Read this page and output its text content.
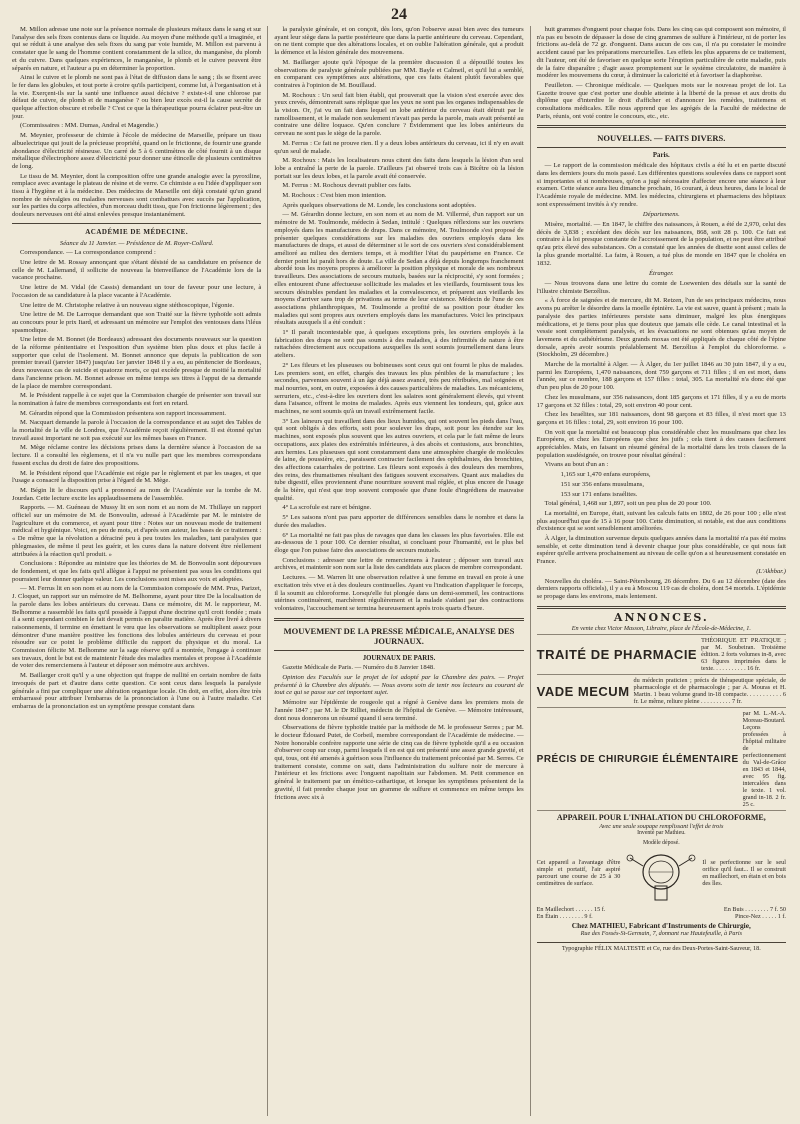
24

M. Millon adresse une note sur la présence normale de plusieurs métaux dans le sang et sur l'analyse des sels fixes contenus dans ce liquide. Au moyen d'une méthode qu'il a imaginée, et qui se réduit à une analyse des sels fixes du sang par voie humide, M. Millon est parvenu à constater que le sang de l'homme contient constamment de la silice, du manganèse, du plomb et du cuivre. Dans quelques expériences, le manganèse, le plomb et le cuivre peuvent être séparés en nature, et l'auteur a pu en déterminer la proportion.

Ainsi le cuivre et le plomb ne sont pas à l'état de diffusion dans le sang ; ils se fixent avec le fer dans les globules, et tout porte à croire qu'ils participent, comme lui, à l'organisation et à la vie. Exerçent-ils sur la santé une influence aussi décisive ? existe-t-il une chlorose par défaut de cuivre, de plomb et de manganèse ? ou bien leur excès est-il la cause secrète de quelque affection obscure et rebelle ? C'est ce que la thérapeutique pourra éclairer peut-être un jour.

(Commissaires : MM. Dumas, Andral et Magendie.)

M. Meynier, professeur de chimie à l'école de médecine de Marseille, prépare un tissu albuelectrique qui jouit de la précieuse propriété, quand on le frictionne, de fournir une grande abondance d'électricité résineuse. Un carré de 5 à 6 centimètres de côté fournit à un disque métallique d'électrophore assez d'électricité pour donner une étincelle de plusieurs centimètres de long.

Le tissu de M. Meynier, dont la composition offre une grande analogie avec la pyroxiline, remplace avec avantage le plateau de résine et de verre. Ce chimiste a eu l'idée d'appliquer son tissu à l'hygiène et à la médecine. Des médecins de Marseille ont déjà constaté qu'un grand nombre de névralgies ou maladies nerveuses sont combattues avec succès par l'application, sur les parties du corps affectées, d'un morceau dudit tissu, que l'on frictionne légèrement ; des douleurs nerveuses ont été ainsi enlevées presque instantanément.

ACADÉMIE DE MÉDECINE.
Séance du 11 Janvier. — Présidence de M. Royer-Collard.

Correspondance. — La correspondance comprend :

Une lettre de M. Rossay annonçant que s'étant désisté de sa candidature en présence de celle de M. Lallemand, il sollicite de nouveau la bienveillance de l'Académie lors de la vacance prochaine.

Une lettre de M. Vidal (de Cassis) demandant un tour de faveur pour une lecture, à l'occasion de sa candidature à la place vacante à l'Académie.

Une lettre de M. Christophe relative à un nouveau signe stéthoscopique, l'égonie.

Une lettre de M. De Larroque demandant que son Traité sur la fièvre typhoïde soit admis au concours pour le prix Itard, et adressant un mémoire sur l'emploi des ventouses dans l'iléus spasmodique.

Une lettre de M. Bonnet (de Bordeaux) adressant des documents nouveaux sur la question de la réforme pénitentiaire et l'exposition d'un système bien plus doux et plus facile à supporter que celui de l'isolement. M. Bonnet annonce que depuis la publication de son premier travail (janvier 1847) jusqu'au 1er janvier 1848 il y a eu, au pénitencier de Bordeaux, deux nouveaux cas de suicide et quatorze morts, ce qui excède presque de moitié la mortalité dans l'ancienne prison. M. Bonnet adresse en même temps ses titres à l'appui de sa demande de la place de membre correspondant.

M. le Président rappelle à ce sujet que la Commission chargée de présenter son travail sur la nomination à faire de membres correspondants est fort en retard.

M. Gérardin répond que la Commission présentera son rapport incessamment.

M. Nacquart demande la parole à l'occasion de la correspondance et au sujet des Tables de la mortalité de la ville de Londres, que l'Académie reçoit régulièrement. Il est étonné qu'un travail aussi important ne soit pas exécuté sur les mêmes bases en France.

M. Mège réclame contre les décisions prises dans la dernière séance à l'occasion de sa lecture. Il a consulté les règlemens, et il n'a vu nulle part que les membres correspondans fussent exclus du droit de faire des propositions.

M. le Président répond que l'Académie est régie par le règlement et par les usages, et que l'usage a consacré la disposition prise à l'égard de M. Mège.

M. Bégin lit le discours qu'il a prononcé au nom de l'Académie sur la tombe de M. Jourdan. Cette lecture excite les applaudissemens de l'assemblée.

Rapports. — M. Guéneau de Mussy lit en son nom et au nom de M. Thillaye un rapport officiel sur un mémoire de M. de Bonvoulin, adressé à l'Académie par M. le ministre de l'agriculture et du commerce, et ayant pour titre : Notes sur un nouveau mode de traitement médical et hygiénique. Voici, en peu de mots, et d'après son auteur, les bases de ce traitement : « De même que la révolution a déraciné peu à peu toutes les maladies, tant paralysies que phlegmasies, de même il peut les guérir, et les cures dans la nature doivent être réellement attribuées à la réaction qu'il produit. »

Conclusions : Répondre au ministre que les théories de M. de Bonvoulin sont dépourvues de fondement, et que les faits qu'il allègue à l'appui ne présentent pas sous les conditions qui pourraient leur donner quelque valeur. Les conclusions sont mises aux voix et adoptées.

— M. Ferrus lit en son nom et au nom de la Commission composée de MM. Prus, Parizet, J. Cloquet, un rapport sur un mémoire de M. Belhomme, ayant pour titre De la localisation de la parole dans les lobes antérieurs du cerveau. Dans ce mémoire, dit M. le rapporteur, M. Belhomme a rassemblé les faits qu'il possède à l'appui d'une doctrine qu'il croit fondée ; mais il a senti cependant combien le fait devait permis en paralite matière. Après être livré à divers raisonnements, il termine en émettant le vœu que les observations se multiplient assez pour démontrer d'une manière positive les fonctions des lobules antérieurs du cerveau et pour résoudre sur ce point le problème difficile du rapport du physique et du moral. La Commission félicite M. Belhomme sur la sage réserve qu'il a montrée, l'engage à continuer ses travaux, dont le but est de maintenir l'étude des maladies mentales et propose à l'Académie de voter des remerciemens à l'auteur et déposer son mémoire aux archives.

M. Baillarger croit qu'il y a une objection qui frappe de nullité en certain nombre de faits invoqués de part et d'autre dans cette question. Ce sont ceux dans lesquels la paralysie générale a fini par compliquer une altération organique locale. On doit, en effet, alors être très embarrassé pour attribuer l'embarras de la prononciation à l'une ou à l'autre maladie. Cet embarras de la prononciation est un symptôme presque constant dans

la paralysie générale, et on conçoit, dès lors, qu'on l'observe aussi bien avec des tumeurs ayant leur siège dans la partie postérieure que dans la partie antérieure du cerveau. Cependant, on ne tient compte que des altérations locales, et on oublie l'altération générale, qui a produit la démence et la lésion générale des mouvemens.

M. Baillarger ajoute qu'à l'époque de la première discussion il a dépouillé toutes les observations de paralysie générale publiées par MM. Bayle et Calmeil, et qu'il lui a semblé, en comparant ces symptômes aux altérations, que ces faits étaient plutôt favorables que contraires à l'opinion de M. Bouillaud.

M. Rochoux : Un seul fait bien établi, qui prouverait que la vision s'est exercée avec des yeux crevés, démontrerait sans réplique que les yeux ne sont pas les organes indispensables de la vision. Or, j'ai vu un fait dans lequel un lobe antérieur du cerveau était détruit par le ramollissement, et le malade non seulement n'avait pas perdu la parole, mais avait présenté au contraire une délire loquace. Qu'en conclure ? Évidemment que les lobes antérieurs du cerveau ne sont pas le siège de la parole.

M. Ferrus : Ce fait ne prouve rien. Il y a deux lobes antérieurs du cerveau, ici il n'y en avait qu'un seul de malade.

M. Rochoux : Mais les localisateurs nous citent des faits dans lesquels la lésion d'un seul lobe a entraîné la perte de la parole. D'ailleurs j'ai observé trois cas à Bicêtre où la lésion portait sur les deux lobes, et la parole avait été conservée.

M. Ferrus : M. Rochoux devrait publier ces faits.

M. Rochoux : C'est bien mon intention.

Après quelques observations de M. Londe, les conclusions sont adoptées.

— M. Gérardin donne lecture, en son nom et au nom de M. Villermé, d'un rapport sur un mémoire de M. Toulmonde, médecin à Sedan, intitulé : Quelques réflexions sur les ouvriers employés dans les manufactures de draps. Dans ce mémoire, M. Toulmonde s'est proposé de présenter quelques considérations sur les maladies des ouvriers employés dans les manufactures de draps, et aussi de déterminer si le sort de ces ouvriers s'est considérablement amélioré au milieu des derniers temps, et à modifier l'état du paupérisme en France. Ce dernier point lui paraît hors de doute. La ville de Sedan a déjà depuis longtemps franchement abordé tous les moyens propres à améliorer la position physique et morale de ses nombreux travailleurs. Des associations de secours mutuels, basées sur la réciprocité, s'y sont formées ; elles entourent d'une affectueuse sollicitude les malades et les vieillards, fournissent tous les secours désirables pendant les maladies et la convalescence, et préparent aux vieillards les moyens d'arriver sans trop de privations au terme de leur existence. Médecin de l'une de ces associations philanthropiques, M. Toulmonde a profité de sa position pour étudier les maladies qui sont propres aux ouvriers employés dans les manufactures. Voici les principaux résultats auxquels il a été conduit :

1° Il paraît incontestable que, à quelques exceptions près, les ouvriers employés à la fabrication des draps ne sont pas soumis à des maladies, à des infirmités de nature à être rattachées directement aux occupations auxquelles ils sont soumis journellement dans leurs ateliers.

2° Les fileurs et les pluseuses ou bobineuses sont ceux qui ont fourni le plus de malades. Les premiers sont, en effet, chargés des travaux les plus pénibles de la manufacture ; les secondes, parvenues souvent à un âge déjà assez avancé, très peu rétribuées, mal soignées et mal nourries, sont, en outre, exposées à des causes particulières de maladies. Les mécaniciens, serruriers, etc., c'est-à-dire les ouvriers dont les salaires sont généralement élevés, qui vivent dans l'aisance, offrent le moins de malades. Après eux viennent les tondeurs, qui, grâce aux machines, ne sont soumis qu'à un travail extrêmement facile.

3° Les laineurs qui travaillent dans des lieux humides, qui ont souvent les pieds dans l'eau, qui sont obligés à des efforts, soit pour soulever les draps, soit pour les étendre sur les machines, sont exposés plus souvent que les autres ouvriers, et cela par le fait même de leurs occupations, aux plaies des extrémités inférieures, à des abcès et contusions, aux bronchites, aux hernies. Les pluseuses qui sont constamment dans une atmosphère chargée de molécules de laine, de poussière, etc., paraissent contracter facilement des ophthalmies, des bronchites, des affections catarrhales de poitrine. Les fileurs sont exposés à des douleurs des membres, des reins, des rhumatismes résultant des fatigues souvent excessives. Quant aux maladies du tube digestif, elles proviennent d'une nourriture souvent mal réglée, et plus encore de l'usage de la bière, qui n'est que trop souvent composée que d'une foule d'ingrédiens de mauvaise qualité.

4° La scrofule est rare et bénigne.

5° Les saisons n'ont pas paru apporter de différences sensibles dans le nombre et dans la durée des maladies.

6° La mortalité ne fait pas plus de ravages que dans les classes les plus favorisées. Elle est au-dessous de 1 pour 100. Ce dernier résultat, si concluant pour l'humanité, est le plus bel éloge que l'on puisse faire des associations de secours mutuels.

Conclusions : adresser une lettre de remerciemens à l'auteur ; déposer son travail aux archives, et maintenir son nom sur la liste des candidats aux places de membre correspondant.

Lectures. — M. Warren lit une observation relative à une femme en travail en proie à une excitation très vive et à des douleurs continuelles. Ayant vu l'indication d'appliquer le forceps, il la soumit au chloroforme. Lorsqu'elle fut plongée dans un demi-sommeil, les contractions utérines continuèrent, marchèrent régulièrement et la malade s'aidant par des contractions volontaires, l'accouchement se termina heureusement après trois quarts d'heure.

MOUVEMENT DE LA PRESSE MÉDICALE, ANALYSE DES JOURNAUX.
JOURNAUX DE PARIS.

Gazette Médicale de Paris. — Numéro du 8 Janvier 1848.

Opinion des Facultés sur le projet de loi adopté par la Chambre des pairs. — Projet présenté à la Chambre des députés. — Nous avons soin de tenir nos lecteurs au courant de tout ce qui se passe sur cet important sujet.

Mémoire sur l'épidémie de rougeole qui a régné à Genève dans les premiers mois de l'année 1847 ; par M. le Dr Rilliet, médecin de l'hôpital de Genève. — Mémoire intéressant, dont nous donnerons un résumé quand il sera terminé.

Observations de fièvre typhoïde traitée par la méthode de M. le professeur Serres ; par M. le docteur Édouard Putet, de Corbeil, membre correspondant de l'Académie de médecine. — Notre honorable confrère rapporte une série de cinq cas de fièvre typhoïde qu'il a eu occasion d'observer coup sur coup, parmi lesquels il en est qui ont présenté une assez grande gravité, et qui, tous, ont été amenés à guérison sous l'influence du traitement préconisé par M. Serres. Ce traitement consiste, comme on sait, dans l'administration du sulfure noir de mercure à l'intérieur et les frictions avec l'onguent napolitain sur l'abdomen. M. Petit commence en général le traitement par un émético-cathartique, et lorsque les symptômes présentent de la gravité, il fait prendre chaque jour un gramme de sulfure et commence en même temps les frictions avec six à

huit grammes d'onguent pour chaque fois. Dans les cinq cas qui composent son mémoire, il n'a pas eu besoin de dépasser la dose de cinq grammes de sulfure à l'intérieur, ni de porter les frictions au-delà de 72 gr. d'onguent. Dans aucun de ces cas, il n'a pu constater le moindre accident causé par les préparations mercurielles. Les effets les plus apparens de ce traitement, dit l'auteur, ont été de favoriser en quelque sorte l'éruption particulière de cette maladie, puis de la faire disparaître ; d'agir assez promptement sur le système circulatoire, de manière à modérer les mouvemens du cœur, à diminuer la caloricité et à favoriser la diaphorèse.

Feuilleton. — Chronique médicale. — Quelques mots sur le nouveau projet de loi. La Gazette trouve que c'est porter une double atteinte à la liberté de la presse et aux droits du diplôme que d'interdire le droit d'afficher et d'annoncer les remèdes, traitemens et consultations médicales. Elle nous apprend que les agrégés de la Faculté de médecine de Paris, réunis, ont voté contre le concours, etc., etc.

NOUVELLES. — FAITS DIVERS.
Paris.

— Le rapport de la commission médicale des hôpitaux civils a été lu et en partie discuté dans les derniers jours du mois passé. Les différentes questions soulevées dans ce rapport sont si importantes et si nombreuses, qu'on a jugé nécessaire d'affecter encore une séance à leur examen. Cette séance aura lieu dimanche prochain, 16 courant, à deux heures, dans le local de l'Académie royale de médecine. MM. les médecins, chirurgiens et pharmaciens des hôpitaux sont expressément invités à s'y rendre.

Départemens.

Misère, mortalité. — En 1847, le chiffre des naissances, à Rouen, a été de 2,970, celui des décès de 3,838 ; excédant des décès sur les naissances, 868, soit 28 p. 100. Ce fait est contraire à la loi presque constante de l'accroissement de la population, et ne peut être attribué qu'au prix élevé des subsistances. On a constaté que les années de disette sont aussi celles de la plus grande mortalité. La faim, à Rouen, a tué plus de monde en 1847 que le choléra en 1832.

Étranger.

— Nous trouvons dans une lettre du comte de Loewenien des détails sur la santé de l'illustre chimiste Berzélius.

« À force de saignées et de mercure, dit M. Retzen, l'un de ses principaux médecins, nous avons pu arrêter le désordre dans la moelle épinière. La vie est sauve, quant à présent ; mais la paralysie des parties inférieures persiste sans diminuer, malgré les plus énergiques médications, et je tiens pour plus que douteux que jamais elle cède. Le canal intestinal et la vessie sont complètement paralysés, et les évacuations ne sont obtenues qu'au moyen de lavemens et du cathétérisme. Deux grands moxas ont été appliqués de chaque côté de l'épine dorsale, après avoir soumis préalablement M. Berzélius à l'emploi du chloroforme. » (Stockholm, 29 décembre.)

Marche de la mortalité à Alger. — À Alger, du 1er juillet 1846 au 30 juin 1847, il y a eu, parmi les Européens, 1,470 naissances, dont 759 garçons et 711 filles ; il en est mort, dans l'année, sur ce nombre, 188 garçons et 157 filles : total, 305. La mortalité n'a donc été que d'un peu plus de 20 pour 100.

Chez les musulmans, sur 356 naissances, dont 185 garçons et 171 filles, il y a eu de morts 17 garçons et 32 filles : total, 29, soit environ 40 pour cent.

Chez les Israélites, sur 181 naissances, dont 98 garçons et 83 filles, il n'est mort que 13 garçons et 16 filles : total, 29, soit environ 16 pour 100.

On voit que la mortalité est beaucoup plus considérable chez les musulmans que chez les Européens, et chez les Européens que chez les juifs ; cela tient à des causes facilement appréciables. Mais, en faisant un résumé général de la mortalité dans les trois classes de la population susdésignée, on trouve pour résultat général :

Vivans au bout d'un an :

1,165 sur 1,470 enfans européens,

151 sur 356 enfans musulmans,

153 sur 171 enfans israélites.

Total général, 1,468 sur 1,897, soit un peu plus de 20 pour 100.

La mortalité, en Europe, était, suivant les calculs faits en 1802, de 26 pour 100 ; elle n'est plus aujourd'hui que de 15 à 16 pour 100. Cette diminution, si notable, est due aux conditions d'existence qui se sont sensiblement améliorées.

À Alger, la diminution survenue depuis quelques années dans la mortalité n'a pas été moins sensible, et cette diminution tend à devenir chaque jour plus considérable, ce qui nous fait espérer qu'elle arrivera prochainement au niveau de celle qu'on a si heureusement constatée en France.

(L'Akhbar.)

Nouvelles du choléra. — Saint-Pétersbourg, 26 décembre. Du 6 au 12 décembre (date des derniers rapports officiels), il y a eu à Moscou 119 cas de choléra, dont 54 mortels. L'épidémie se propage dans les environs, mais lentement.

ANNONCES.
En vente chez Victor Masson, Libraire, place de l'École-de-Médecine, 1.
TRAITÉ DE PHARMACIE
THÉORIQUE ET PRATIQUE ; par M. Soubeiran. Troisième édition. 2 forts volumes in-8, avec 63 figures imprimées dans le texte. . . . . . . . . . . 16 fr.
VADE MECUM
du médecin praticien ; précis de thérapeutique spéciale, de pharmacologie et de pharmacologie ; par A. Mouras et H. Martin. 1 beau volume grand in-18 compacte. . . . . . . . . . . 6 fr. Le même, reliure pleine . . . . . . . . . . 7 fr.
PRÉCIS DE CHIRURGIE ÉLÉMENTAIRE
par M. L.-M.-A. Moreau-Boutard. Leçons professées à l'hôpital militaire de perfectionnement du Val-de-Grâce en 1843 et 1844, avec 95 fig. intercalées dans le texte. 1 vol. grand in-18. 2 fr. 25 c.
APPAREIL POUR L'INHALATION DU CHLOROFORME,
Avec une seule soupape remplissant l'effet de trois
Inventé par Mathieu.
Cet appareil a l'avantage d'être simple et portatif, l'air aspiré parcourt une course de 25 à 30 centimètres de surface.
Modèle déposé.
Il se perfectionne sur le seul orifice qu'il faut... Il se construit en maillechort, en étain et en bois des îles.
En Maillechort . . . . . . 15 f.	En Buis . . . . . . . . 7 f. 50
En Étain . . . . . . . . 9 f.	Pince-Nez . . . . . 1 f.
Chez MATHIEU, Fabricant d'Instruments de Chirurgie,
Rue des Fossés-St-Germain, 7, donnant rue Hautefeuille, à Paris
Typographie FÉLIX MALTESTE et Ce, rue des Deux-Portes-Saint-Sauveur, 18.
